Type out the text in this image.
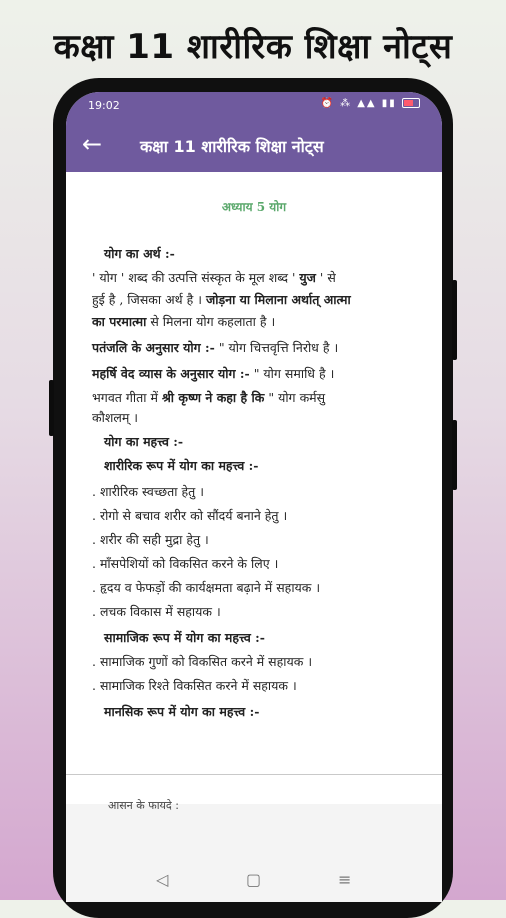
कक्षा 11 शारीरिक शिक्षा नोट्स
19:02	⏰ ⁂ ▲▲ ▮▮
← कक्षा 11 शारीरिक शिक्षा नोट्स
अध्याय 5 योग

योग का अर्थ :-

' योग ' शब्द की उत्पत्ति संस्कृत के मूल शब्द ' युज ' से

हुई है , जिसका अर्थ है । जोड़ना या मिलाना अर्थात् आत्मा

का परमात्मा से मिलना योग कहलाता है ।

पतंजलि के अनुसार योग :- " योग चित्तवृत्ति निरोध है ।

महर्षि वेद व्यास के अनुसार योग :- " योग समाधि है ।

भगवत गीता में श्री कृष्ण ने कहा है कि " योग कर्मसु

कौशलम् ।

योग का महत्त्व :-

शारीरिक रूप में योग का महत्त्व :-

. शारीरिक स्वच्छता हेतु ।

. रोगो से बचाव शरीर को सौंदर्य बनाने हेतु ।

. शरीर की सही मुद्रा हेतु ।

. माँसपेशियों को विकसित करने के लिए ।

. हृदय व फेफड़ों की कार्यक्षमता बढ़ाने में सहायक ।

. लचक विकास में सहायक ।

सामाजिक रूप में योग का महत्त्व :-

. सामाजिक गुणों को विकसित करने में सहायक ।

. सामाजिक रिश्ते विकसित करने में सहायक ।

मानसिक रूप में योग का महत्त्व :-

आसन के फायदे :
◁	▢	≡
